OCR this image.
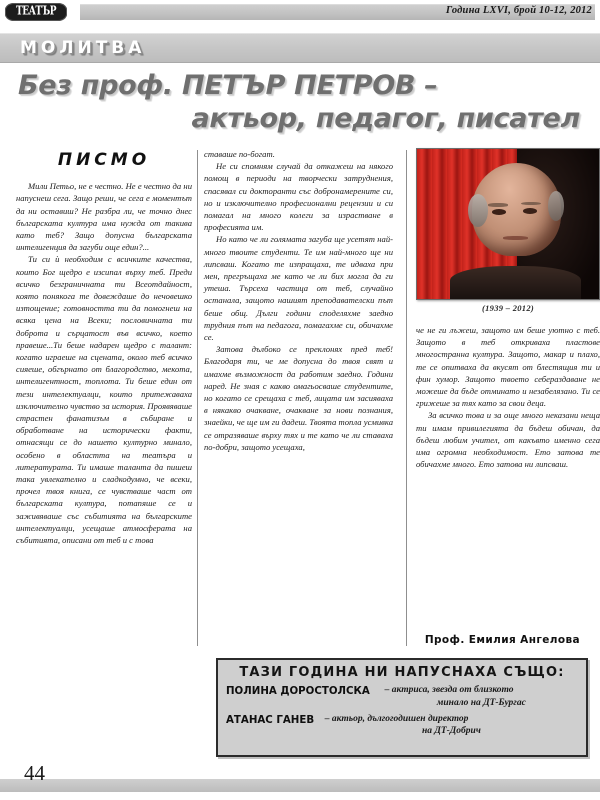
ТЕАТЪР	Година LXVI, брой 10-12, 2012
МОЛИТВА
Без проф. ПЕТЪР ПЕТРОВ –
актьор, педагог, писател
ПИСМО

Мили Петьо, не е честно. Не е честно да ни напуснеш сега. Защо реши, че сега е моментът да ни оставиш? Не разбра ли, че точно днес българската култура има нужда от такива като теб? Защо допусна българската интелигенция да загуби още един?...

Ти си ѝ необходим с всичките качества, които Бог щедро е изсипал върху теб. Преди всичко безграничната ти Всеотдайност, която понякога те довеждаше до нечовешко изтощение; готовността ти да помогнеш на всяка цена на Всеки; пословичната ти доброта и сърцатост във всичко, което правеше...Ти беше надарен щедро с талант: когато играеше на сцената, около теб всичко сияеше, обгърнато от благородство, мекота, интелигентност, топлота. Ти беше един от тези интелектуалци, които притежаваха изключително чувство за история. Проявяваше страстен фанатизъм в събиране и обработване на исторически факти, отнасящи се до нашето културно минало, особено в областта на театъра и литературата. Ти имаше таланта да пишеш така увлекателно и сладкодумно, че всеки, прочел твоя книга, се чувстваше част от българската култура, потапяше се и заживяваше със събитията на българските интелектуалци, усещаше атмосферата на събитията, описани от теб и с това

ставаше по-богат.

Не си спомням случай да откажеш на някого помощ в периоди на творчески затруднения, спасявал си докторанти със добронамерените си, но и изключително професионални рецензии и си помагал на много колеги за израстване в професията им.

Но като че ли голямата загуба ще усетят най-много твоите студенти. Те им най-много ще ни липсваш. Когато те изпращаха, те идваха при мен, прегръщаха ме като че ли бих могла да ги утеша. Търсеха частица от теб, случайно останала, защото нашият преподавателски път беше общ. Дълги години споделяхме заедно трудния път на педагога, помагахме си, обичахме се.

Затова дълбоко се преклонях пред теб! Благодаря ти, че ме допусна до твоя свят и имахме възможност да работим заедно. Години наред. Не зная с какво омагьосваше студентите, но когато се срещаха с теб, лицата им засияваха в някакво очакване, очакване за нови познания, знаейки, че ще им ги дадеш. Твоята топла усмивка се отразяваше върху тях и те като че ли ставаха по-добри, защото усещаха,

(1939 – 2012)

че не ги лъжеш, защото им беше уютно с теб. Защото в теб откриваха пластове многостранна култура. Защото, макар и плахо, те се опитваха да вкусят от блестящия ти и фин хумор. Защото твоето себераздаване не можеше да бъде отминато и незабелязано. Ти се грижеше за тях като за свои деца.

За всичко това и за още много неказани неща ти имам привилегията да бъдеш обичан, да бъдеш любим учител, от какъвто именно сега има огромна необходимост. Ето затова те обичахме много. Ето затова ни липсваш.

Проф. Емилия Ангелова
ТАЗИ ГОДИНА НИ НАПУСНАХА СЪЩО:
ПОЛИНА ДОРОСТОЛСКА	– актриса, звезда от близкото
минало на ДТ-Бургас
АТАНАС ГАНЕВ	– актьор, дългогодишен директор
на ДТ-Добрич
44
